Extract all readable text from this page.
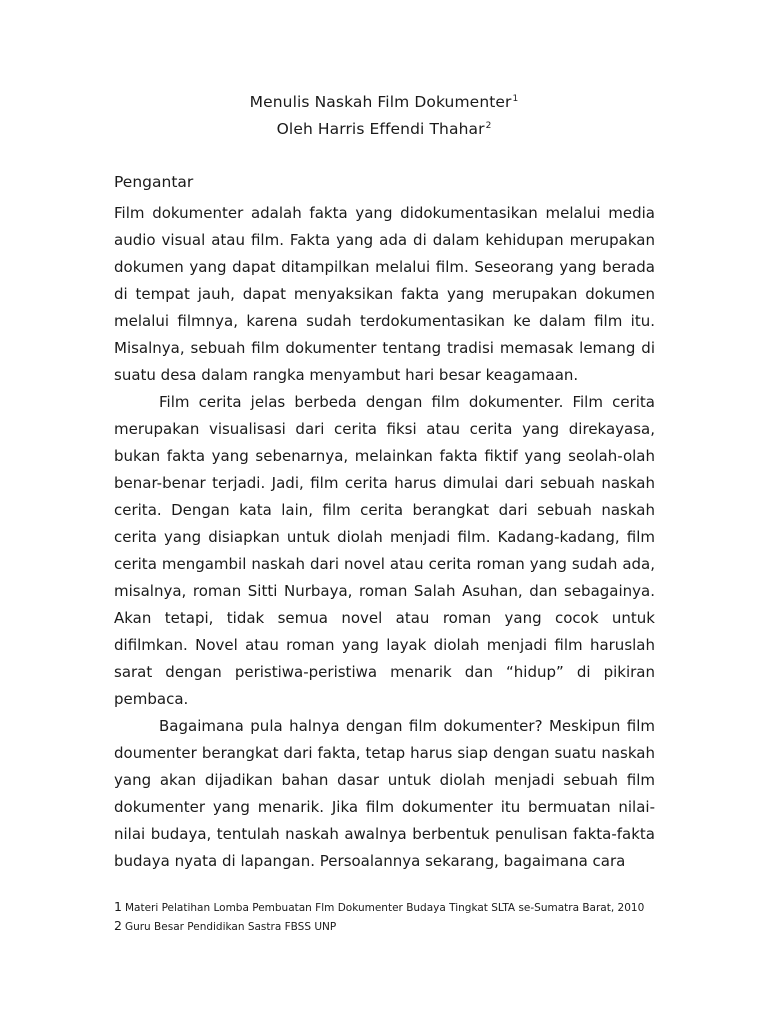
Menulis Naskah Film Dokumenter$^1$
Oleh Harris Effendi Thahar$^2$
Pengantar

Film dokumenter adalah fakta yang didokumentasikan melalui media audio visual atau film. Fakta yang ada di dalam kehidupan merupakan dokumen yang dapat ditampilkan melalui film. Seseorang yang berada di tempat jauh, dapat menyaksikan fakta yang merupakan dokumen melalui filmnya, karena sudah terdokumentasikan ke dalam film itu. Misalnya, sebuah film dokumenter tentang tradisi memasak lemang di suatu desa dalam rangka menyambut hari besar keagamaan.

Film cerita jelas berbeda dengan film dokumenter. Film cerita merupakan visualisasi dari cerita fiksi atau cerita yang direkayasa, bukan fakta yang sebenarnya, melainkan fakta fiktif yang seolah-olah benar-benar terjadi. Jadi, film cerita harus dimulai dari sebuah naskah cerita. Dengan kata lain, film cerita berangkat dari sebuah naskah cerita yang disiapkan untuk diolah menjadi film. Kadang-kadang, film cerita mengambil naskah dari novel atau cerita roman yang sudah ada, misalnya, roman Sitti Nurbaya, roman Salah Asuhan, dan sebagainya. Akan tetapi, tidak semua novel atau roman yang cocok untuk difilmkan. Novel atau roman yang layak diolah menjadi film haruslah sarat dengan peristiwa-peristiwa menarik dan “hidup” di pikiran pembaca.

Bagaimana pula halnya dengan film dokumenter? Meskipun film doumenter berangkat dari fakta, tetap harus siap dengan suatu naskah yang akan dijadikan bahan dasar untuk diolah menjadi sebuah film dokumenter yang menarik. Jika film dokumenter itu bermuatan nilai-nilai budaya, tentulah naskah awalnya berbentuk penulisan fakta-fakta budaya nyata di lapangan. Persoalannya sekarang, bagaimana cara

1 Materi Pelatihan Lomba Pembuatan Flm Dokumenter Budaya Tingkat SLTA se-Sumatra Barat, 2010
2 Guru Besar Pendidikan Sastra FBSS UNP
